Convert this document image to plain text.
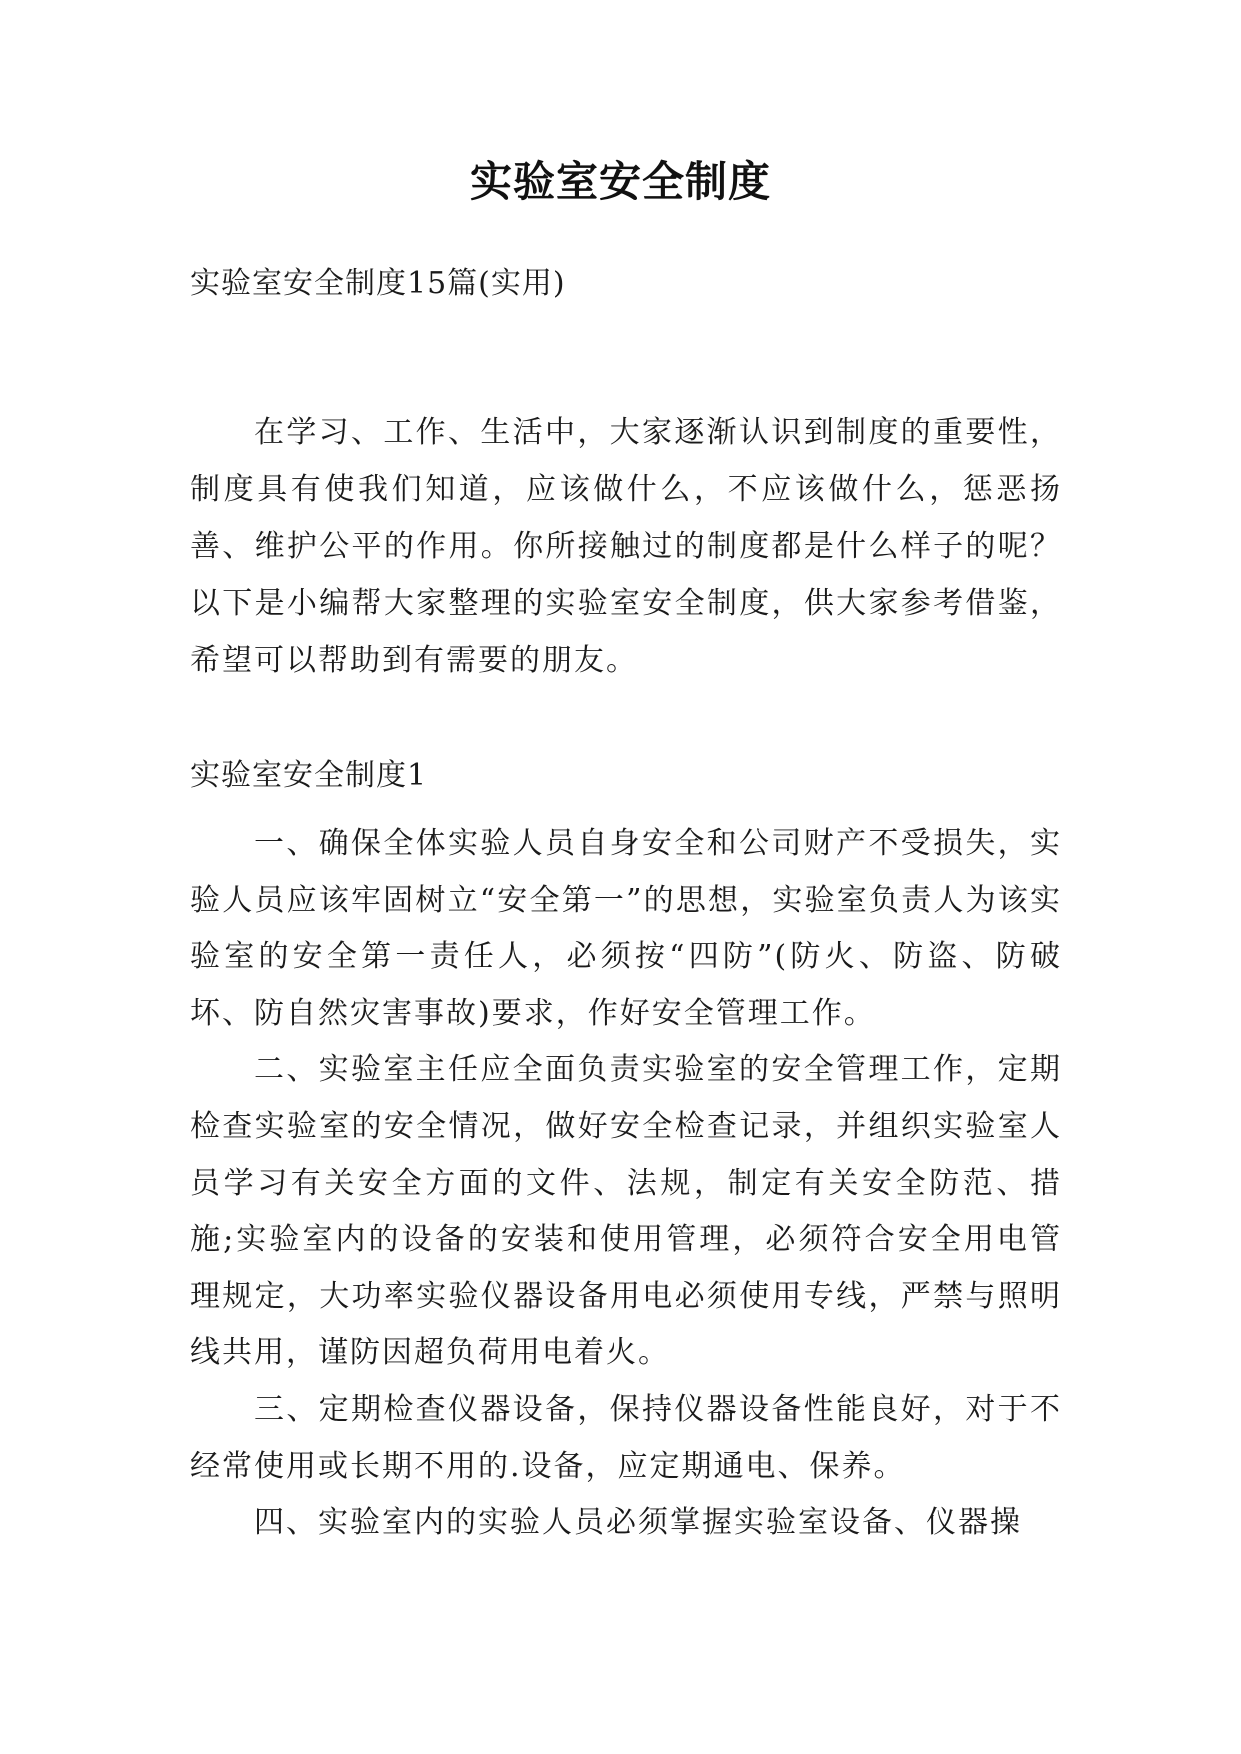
实验室安全制度
实验室安全制度15篇(实用)

在学习、工作、生活中，大家逐渐认识到制度的重要性，制度具有使我们知道，应该做什么，不应该做什么，惩恶扬善、维护公平的作用。你所接触过的制度都是什么样子的呢？以下是小编帮大家整理的实验室安全制度，供大家参考借鉴，希望可以帮助到有需要的朋友。

实验室安全制度1

一、确保全体实验人员自身安全和公司财产不受损失，实验人员应该牢固树立“安全第一”的思想，实验室负责人为该实验室的安全第一责任人，必须按“四防”(防火、防盗、防破坏、防自然灾害事故)要求，作好安全管理工作。

二、实验室主任应全面负责实验室的安全管理工作，定期检查实验室的安全情况，做好安全检查记录，并组织实验室人员学习有关安全方面的文件、法规，制定有关安全防范、措施;实验室内的设备的安装和使用管理，必须符合安全用电管理规定，大功率实验仪器设备用电必须使用专线，严禁与照明线共用，谨防因超负荷用电着火。

三、定期检查仪器设备，保持仪器设备性能良好，对于不经常使用或长期不用的.设备，应定期通电、保养。

四、实验室内的实验人员必须掌握实验室设备、仪器操
